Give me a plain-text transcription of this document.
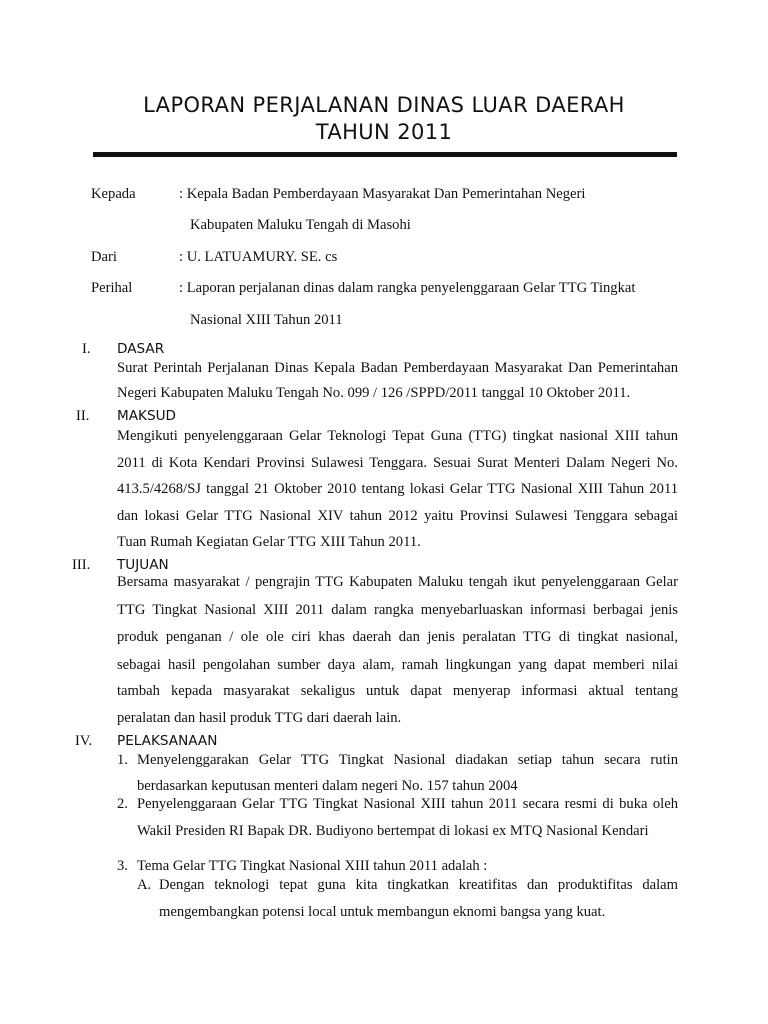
LAPORAN PERJALANAN DINAS LUAR DAERAH
TAHUN 2011
Kepada	: Kepala Badan Pemberdayaan Masyarakat Dan Pemerintahan Negeri
Kabupaten Maluku Tengah di Masohi
Dari	: U. LATUAMURY. SE. cs
Perihal	: Laporan perjalanan dinas dalam rangka penyelenggaraan Gelar TTG Tingkat
Nasional XIII Tahun 2011
I. DASAR
Surat Perintah Perjalanan Dinas Kepala Badan Pemberdayaan Masyarakat Dan Pemerintahan
Negeri Kabupaten Maluku Tengah No. 099 / 126 /SPPD/2011 tanggal 10 Oktober 2011.
II. MAKSUD
Mengikuti penyelenggaraan Gelar Teknologi Tepat Guna (TTG) tingkat nasional XIII tahun
2011 di Kota Kendari Provinsi Sulawesi Tenggara. Sesuai Surat Menteri Dalam Negeri No.
413.5/4268/SJ tanggal 21 Oktober 2010 tentang lokasi Gelar TTG Nasional XIII Tahun 2011
dan lokasi Gelar TTG Nasional XIV tahun 2012 yaitu Provinsi Sulawesi Tenggara sebagai
Tuan Rumah Kegiatan Gelar TTG XIII Tahun 2011.
III. TUJUAN
Bersama masyarakat / pengrajin TTG Kabupaten Maluku tengah ikut penyelenggaraan Gelar
TTG Tingkat Nasional XIII 2011 dalam rangka menyebarluaskan informasi berbagai jenis
produk penganan / ole ole ciri khas daerah dan jenis peralatan TTG di tingkat nasional,
sebagai hasil pengolahan sumber daya alam, ramah lingkungan yang dapat memberi nilai
tambah kepada masyarakat sekaligus untuk dapat menyerap informasi aktual tentang
peralatan dan hasil produk TTG dari daerah lain.
IV. PELAKSANAAN
1. Menyelenggarakan Gelar TTG Tingkat Nasional diadakan setiap tahun secara rutin
berdasarkan keputusan menteri dalam negeri No. 157 tahun 2004
2. Penyelenggaraan Gelar TTG Tingkat Nasional XIII tahun 2011 secara resmi di buka oleh
Wakil Presiden RI Bapak DR. Budiyono bertempat di lokasi ex MTQ Nasional Kendari
3. Tema Gelar TTG Tingkat Nasional XIII tahun 2011 adalah :
A. Dengan teknologi tepat guna kita tingkatkan kreatifitas dan produktifitas dalam
mengembangkan potensi local untuk membangun eknomi bangsa yang kuat.
